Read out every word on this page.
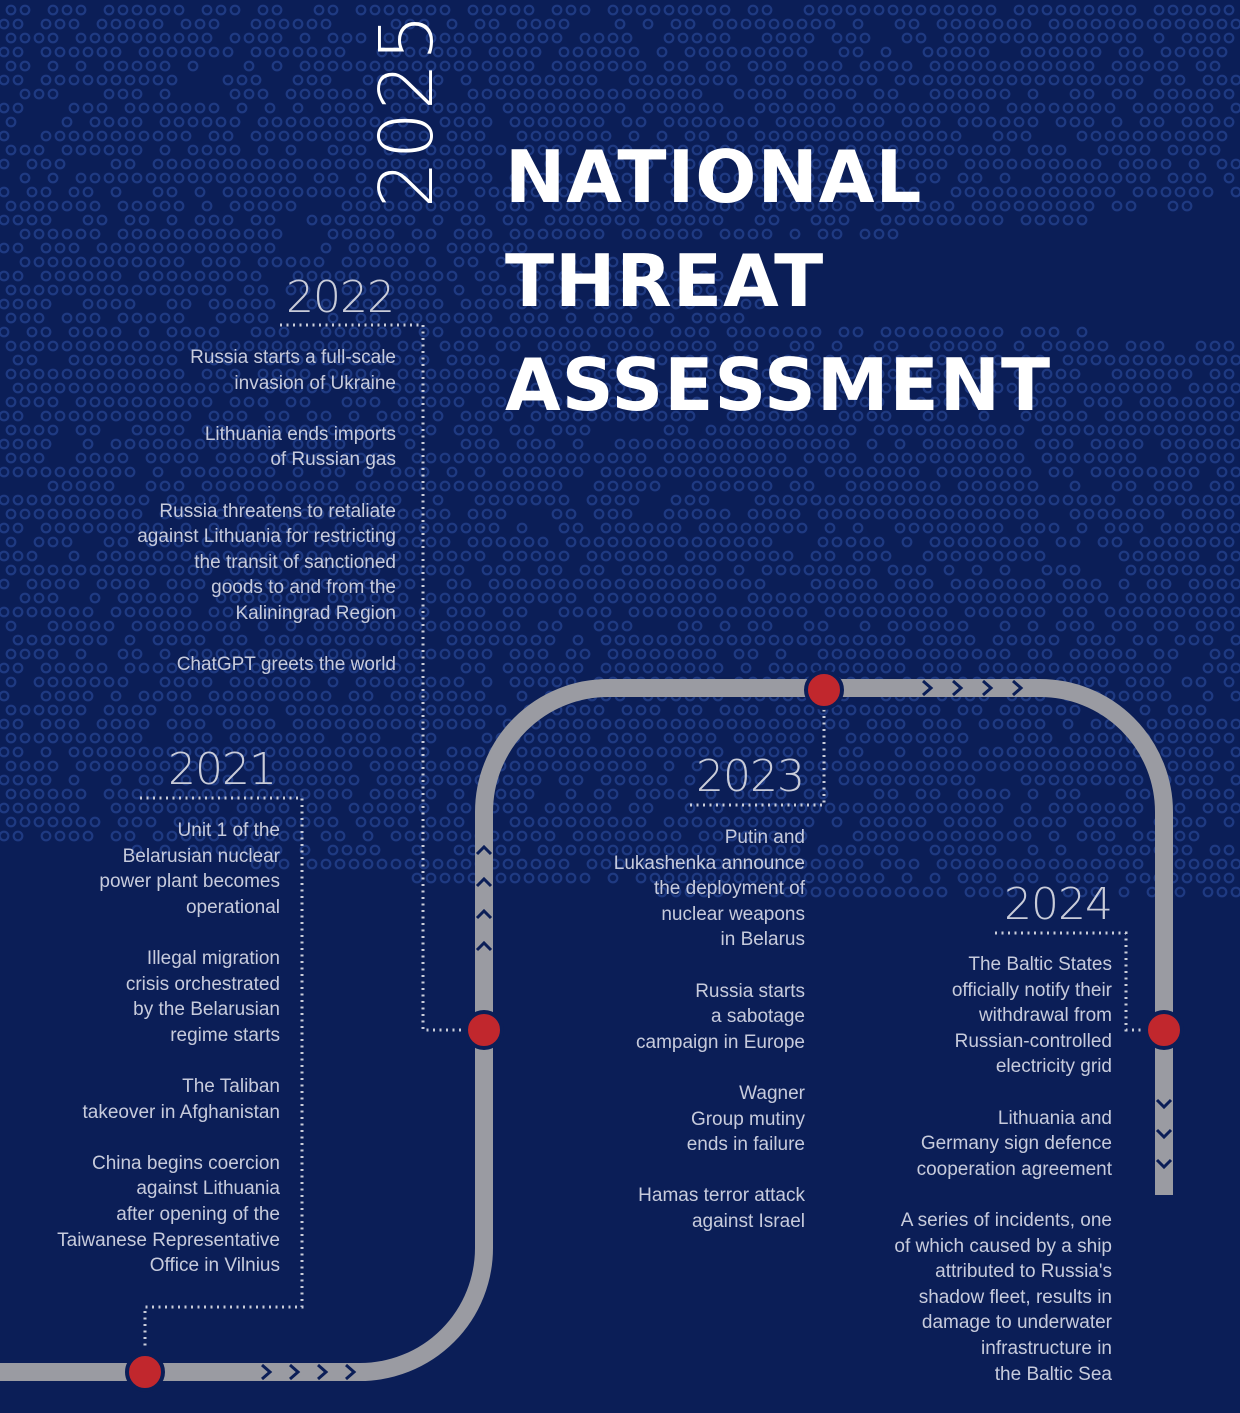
2025 NATIONAL
THREAT
ASSESSMENT
2021
Unit 1 of the
Belarusian nuclear
power plant becomes
operational
Illegal migration
crisis orchestrated
by the Belarusian
regime starts
The Taliban
takeover in Afghanistan
China begins coercion
against Lithuania
after opening of the
Taiwanese Representative
Office in Vilnius
2022
Russia starts a full-scale
invasion of Ukraine
Lithuania ends imports
of Russian gas
Russia threatens to retaliate
against Lithuania for restricting
the transit of sanctioned
goods to and from the
Kaliningrad Region
ChatGPT greets the world
2023
Putin and
Lukashenka announce
the deployment of
nuclear weapons
in Belarus
Russia starts
a sabotage
campaign in Europe
Wagner
Group mutiny
ends in failure
Hamas terror attack
against Israel
2024
The Baltic States
officially notify their
withdrawal from
Russian-controlled
electricity grid
Lithuania and
Germany sign defence
cooperation agreement
A series of incidents, one
of which caused by a ship
attributed to Russia's
shadow fleet, results in
damage to underwater
infrastructure in
the Baltic Sea
